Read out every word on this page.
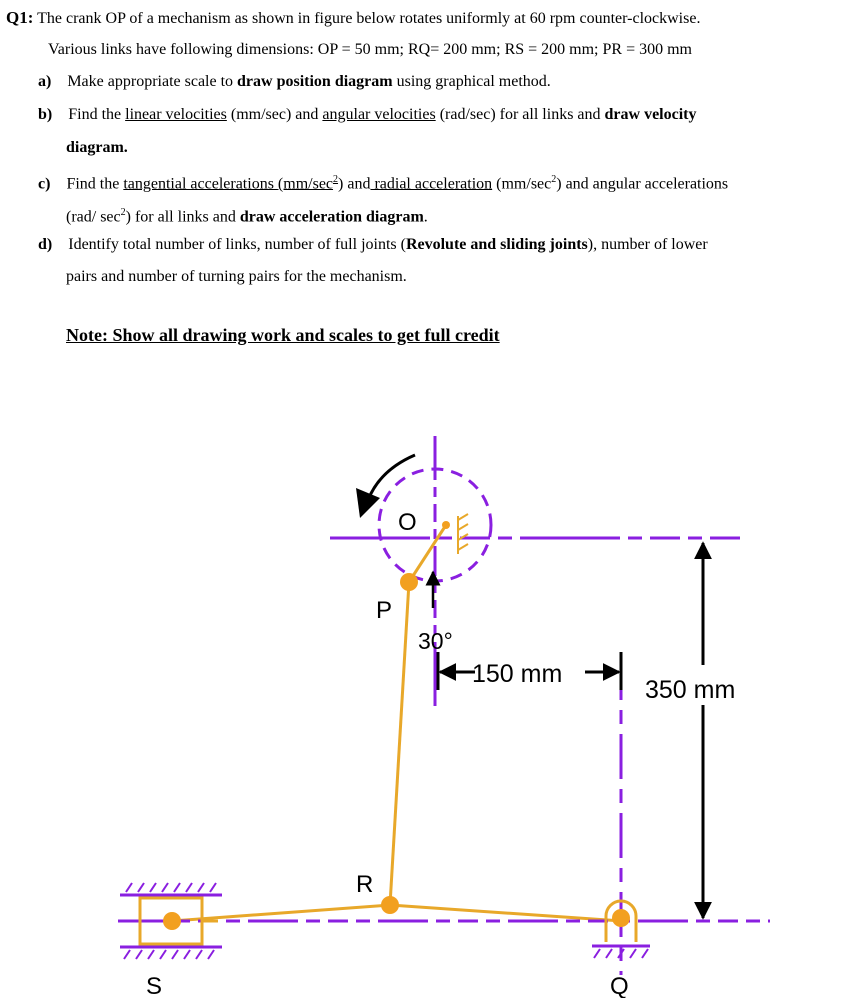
Q1: The crank OP of a mechanism as shown in figure below rotates uniformly at 60 rpm counter-clockwise.
Various links have following dimensions: OP = 50 mm; RQ= 200 mm; RS = 200 mm; PR = 300 mm
a) Make appropriate scale to draw position diagram using graphical method.
b) Find the linear velocities (mm/sec) and angular velocities (rad/sec) for all links and draw velocity
diagram.
c) Find the tangential accelerations $(mm/\sec^2)$ and radial acceleration $(mm/\sec^2)$ and angular accelerations
(rad/ $\sec^2$) for all links and draw acceleration diagram.
d) Identify total number of links, number of full joints (Revolute and sliding joints), number of lower
pairs and number of turning pairs for the mechanism.
Note: Show all drawing work and scales to get full credit
O
P
30°
150 mm
350 mm
R
S	Q
